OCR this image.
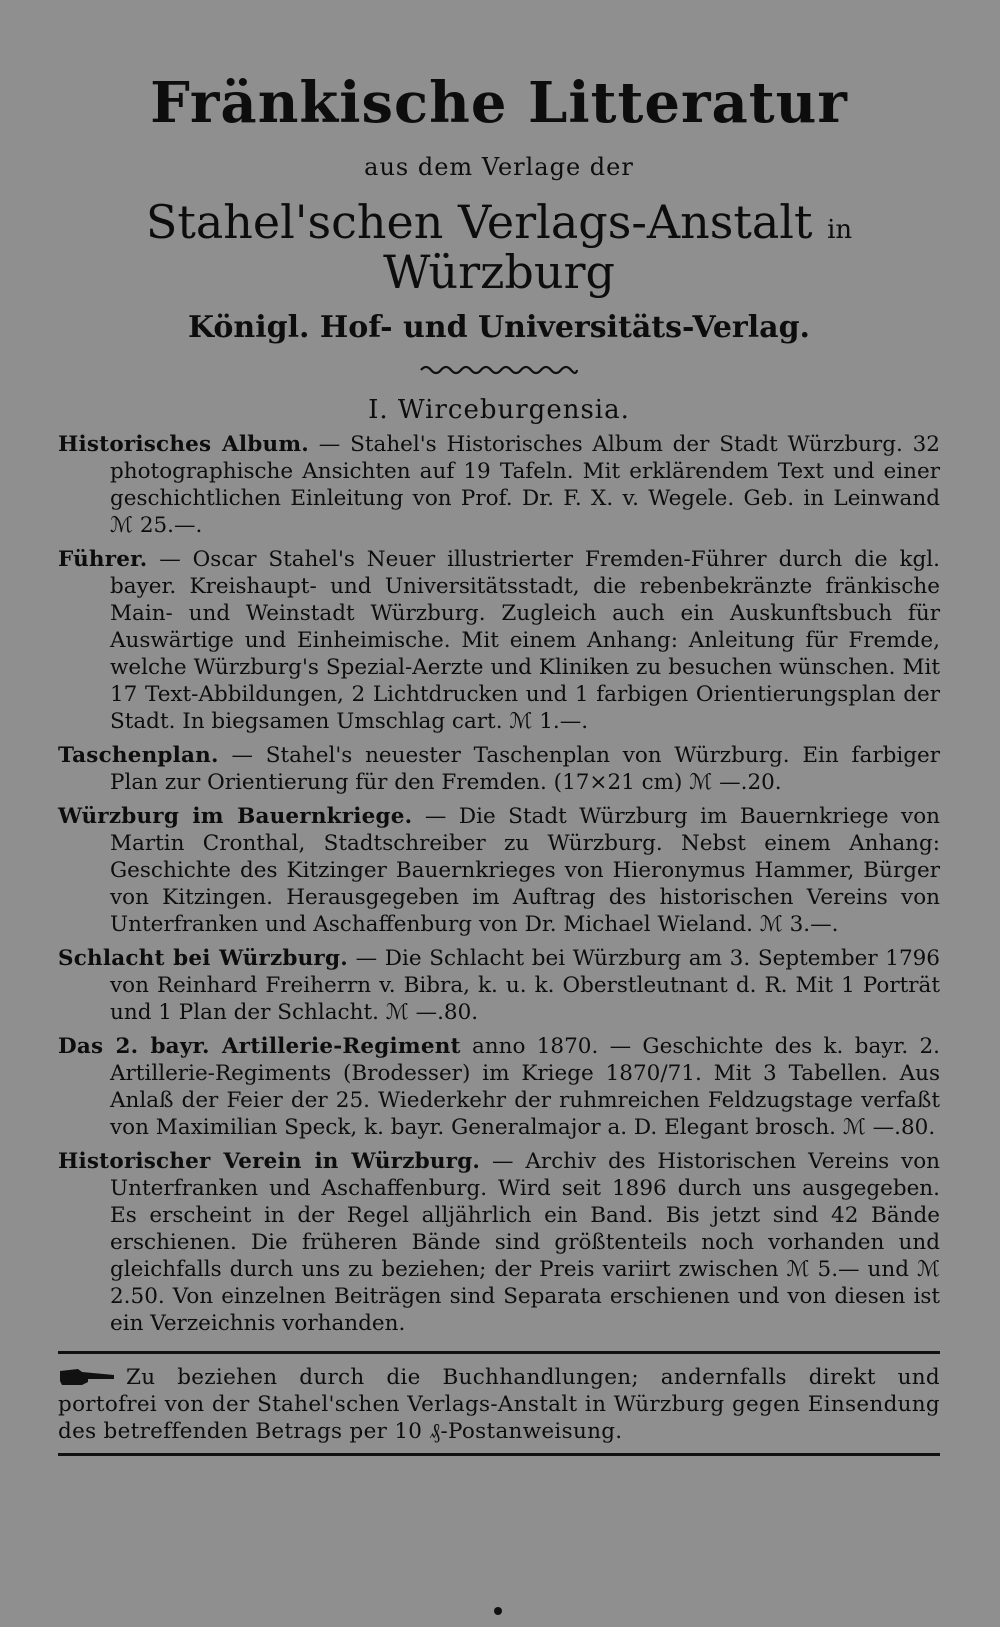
Fränkische Litteratur
aus dem Verlage der
Stahel'schen Verlags-Anstalt in Würzburg
Königl. Hof- und Universitäts-Verlag.
I. Wirceburgensia.

Historisches Album. — Stahel's Historisches Album der Stadt Würzburg. 32 photographische Ansichten auf 19 Tafeln. Mit erklärendem Text und einer geschichtlichen Einleitung von Prof. Dr. F. X. v. Wegele. Geb. in Leinwand ℳ 25.—.

Führer. — Oscar Stahel's Neuer illustrierter Fremden-Führer durch die kgl. bayer. Kreishaupt- und Universitätsstadt, die rebenbekränzte fränkische Main- und Weinstadt Würzburg. Zugleich auch ein Auskunftsbuch für Auswärtige und Einheimische. Mit einem Anhang: Anleitung für Fremde, welche Würzburg's Spezial-Aerzte und Kliniken zu besuchen wünschen. Mit 17 Text-Abbildungen, 2 Lichtdrucken und 1 farbigen Orientierungsplan der Stadt. In biegsamen Umschlag cart. ℳ 1.—.

Taschenplan. — Stahel's neuester Taschenplan von Würzburg. Ein farbiger Plan zur Orientierung für den Fremden. (17×21 cm) ℳ —.20.

Würzburg im Bauernkriege. — Die Stadt Würzburg im Bauernkriege von Martin Cronthal, Stadtschreiber zu Würzburg. Nebst einem Anhang: Geschichte des Kitzinger Bauernkrieges von Hieronymus Hammer, Bürger von Kitzingen. Herausgegeben im Auftrag des historischen Vereins von Unterfranken und Aschaffenburg von Dr. Michael Wieland. ℳ 3.—.

Schlacht bei Würzburg. — Die Schlacht bei Würzburg am 3. September 1796 von Reinhard Freiherrn v. Bibra, k. u. k. Oberstleutnant d. R. Mit 1 Porträt und 1 Plan der Schlacht. ℳ —.80.

Das 2. bayr. Artillerie-Regiment anno 1870. — Geschichte des k. bayr. 2. Artillerie-Regiments (Brodesser) im Kriege 1870/71. Mit 3 Tabellen. Aus Anlaß der Feier der 25. Wiederkehr der ruhmreichen Feldzugstage verfaßt von Maximilian Speck, k. bayr. Generalmajor a. D. Elegant brosch. ℳ —.80.

Historischer Verein in Würzburg. — Archiv des Historischen Vereins von Unterfranken und Aschaffenburg. Wird seit 1896 durch uns ausgegeben. Es erscheint in der Regel alljährlich ein Band. Bis jetzt sind 42 Bände erschienen. Die früheren Bände sind größtenteils noch vorhanden und gleichfalls durch uns zu beziehen; der Preis variirt zwischen ℳ 5.— und ℳ 2.50. Von einzelnen Beiträgen sind Separata erschienen und von diesen ist ein Verzeichnis vorhanden.

Zu beziehen durch die Buchhandlungen; andernfalls direkt und portofrei von der Stahel'schen Verlags-Anstalt in Würzburg gegen Einsendung des betreffenden Betrags per 10 ₰-Postanweisung.
